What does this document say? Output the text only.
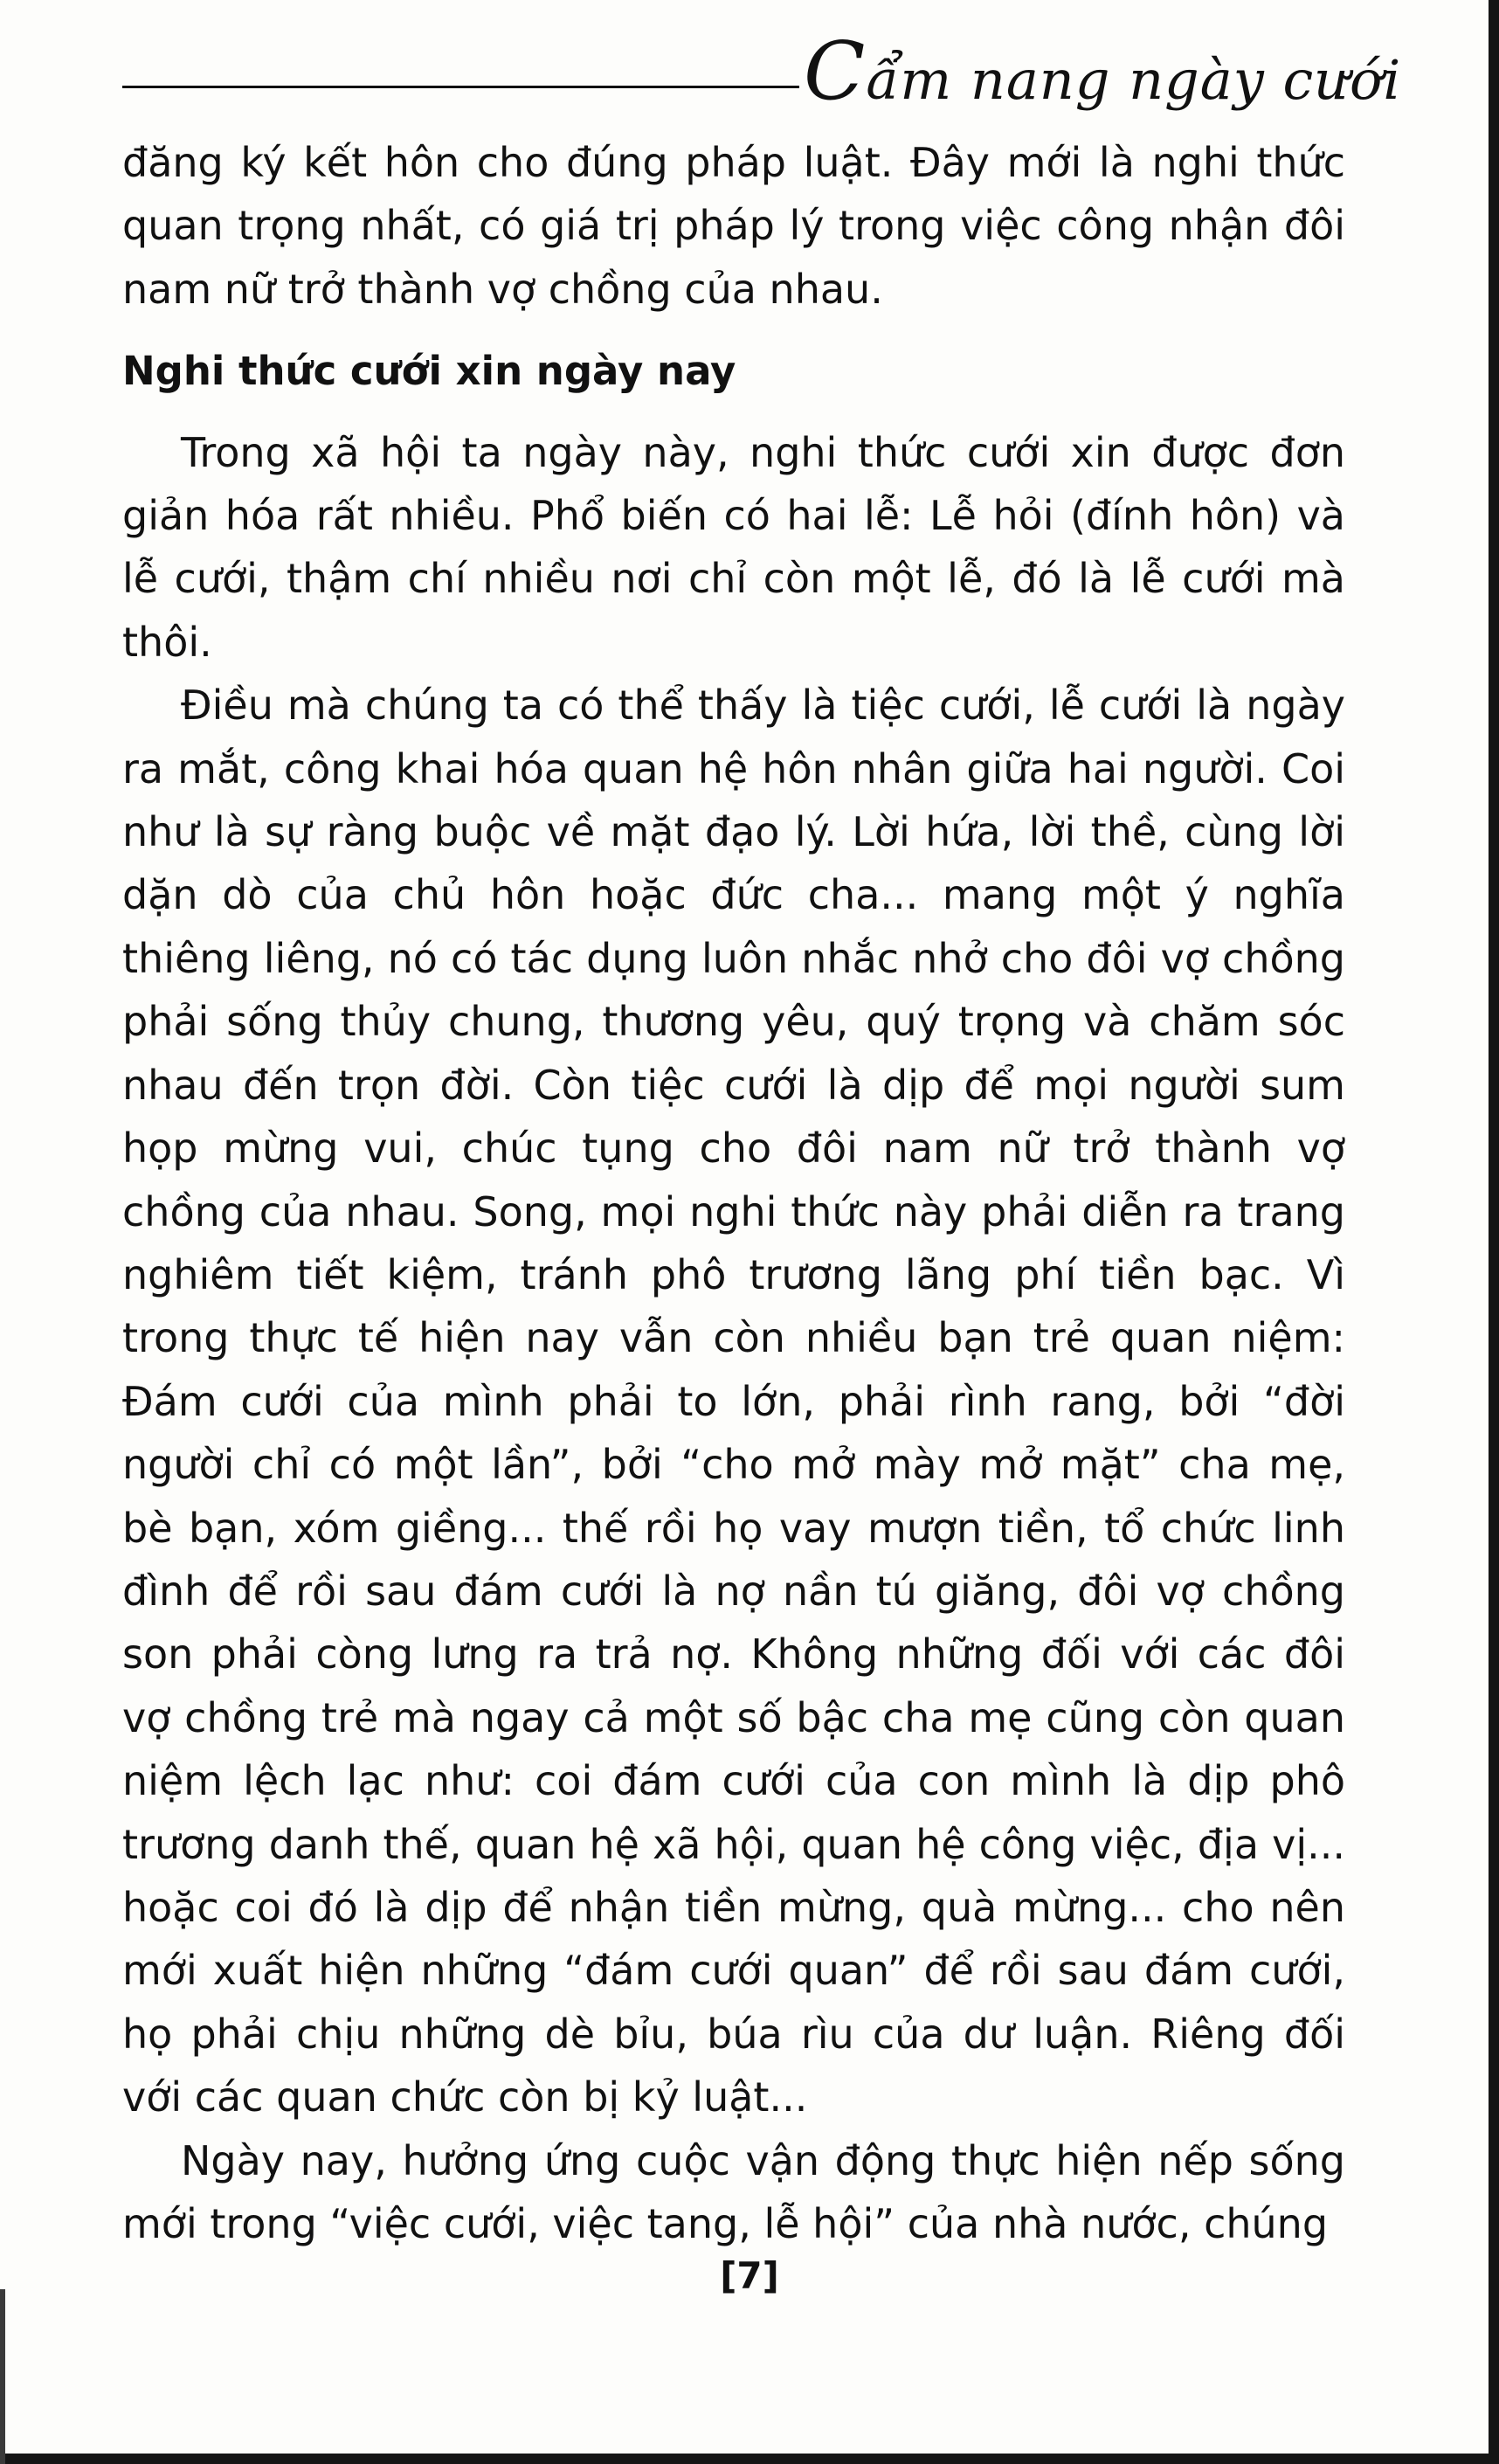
Cẩm nang ngày cưới

đăng ký kết hôn cho đúng pháp luật. Đây mới là nghi thức quan trọng nhất, có giá trị pháp lý trong việc công nhận đôi nam nữ trở thành vợ chồng của nhau.

Nghi thức cưới xin ngày nay

Trong xã hội ta ngày này, nghi thức cưới xin được đơn giản hóa rất nhiều. Phổ biến có hai lễ: Lễ hỏi (đính hôn) và lễ cưới, thậm chí nhiều nơi chỉ còn một lễ, đó là lễ cưới mà thôi.

Điều mà chúng ta có thể thấy là tiệc cưới, lễ cưới là ngày ra mắt, công khai hóa quan hệ hôn nhân giữa hai người. Coi như là sự ràng buộc về mặt đạo lý. Lời hứa, lời thề, cùng lời dặn dò của chủ hôn hoặc đức cha... mang một ý nghĩa thiêng liêng, nó có tác dụng luôn nhắc nhở cho đôi vợ chồng phải sống thủy chung, thương yêu, quý trọng và chăm sóc nhau đến trọn đời. Còn tiệc cưới là dịp để mọi người sum họp mừng vui, chúc tụng cho đôi nam nữ trở thành vợ chồng của nhau. Song, mọi nghi thức này phải diễn ra trang nghiêm tiết kiệm, tránh phô trương lãng phí tiền bạc. Vì trong thực tế hiện nay vẫn còn nhiều bạn trẻ quan niệm: Đám cưới của mình phải to lớn, phải rình rang, bởi “đời người chỉ có một lần”, bởi “cho mở mày mở mặt” cha mẹ, bè bạn, xóm giềng... thế rồi họ vay mượn tiền, tổ chức linh đình để rồi sau đám cưới là nợ nần tú giăng, đôi vợ chồng son phải còng lưng ra trả nợ. Không những đối với các đôi vợ chồng trẻ mà ngay cả một số bậc cha mẹ cũng còn quan niệm lệch lạc như: coi đám cưới của con mình là dịp phô trương danh thế, quan hệ xã hội, quan hệ công việc, địa vị... hoặc coi đó là dịp để nhận tiền mừng, quà mừng... cho nên mới xuất hiện những “đám cưới quan” để rồi sau đám cưới, họ phải chịu những dè bỉu, búa rìu của dư luận. Riêng đối với các quan chức còn bị kỷ luật...

Ngày nay, hưởng ứng cuộc vận động thực hiện nếp sống mới trong “việc cưới, việc tang, lễ hội” của nhà nước, chúng

[7]
